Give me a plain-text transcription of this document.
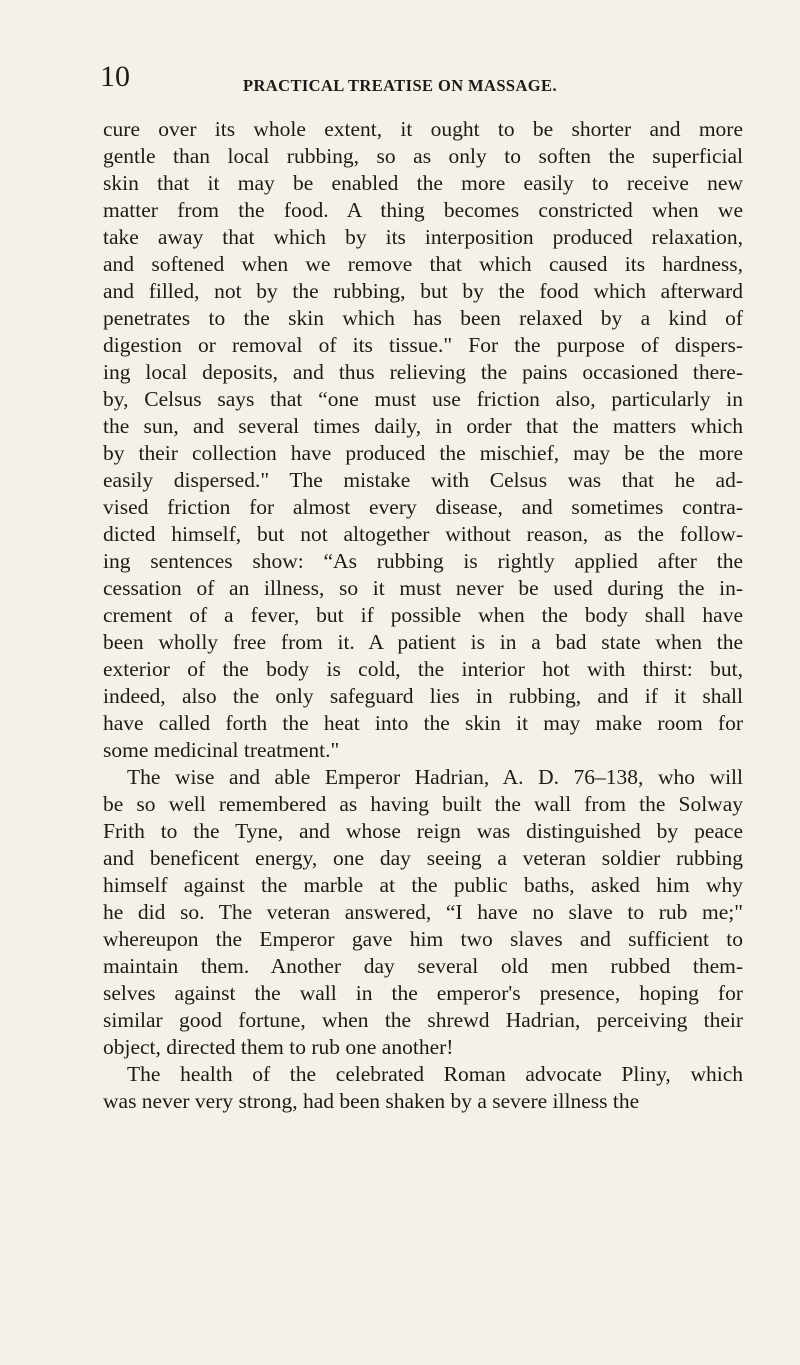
10	PRACTICAL TREATISE ON MASSAGE.
cure over its whole extent, it ought to be shorter and more
gentle than local rubbing, so as only to soften the superficial
skin that it may be enabled the more easily to receive new
matter from the food. A thing becomes constricted when we
take away that which by its interposition produced relaxation,
and softened when we remove that which caused its hardness,
and filled, not by the rubbing, but by the food which afterward
penetrates to the skin which has been relaxed by a kind of
digestion or removal of its tissue." For the purpose of dispers-
ing local deposits, and thus relieving the pains occasioned there-
by, Celsus says that “one must use friction also, particularly in
the sun, and several times daily, in order that the matters which
by their collection have produced the mischief, may be the more
easily dispersed." The mistake with Celsus was that he ad-
vised friction for almost every disease, and sometimes contra-
dicted himself, but not altogether without reason, as the follow-
ing sentences show: “As rubbing is rightly applied after the
cessation of an illness, so it must never be used during the in-
crement of a fever, but if possible when the body shall have
been wholly free from it. A patient is in a bad state when the
exterior of the body is cold, the interior hot with thirst: but,
indeed, also the only safeguard lies in rubbing, and if it shall
have called forth the heat into the skin it may make room for
some medicinal treatment."
The wise and able Emperor Hadrian, A. D. 76–138, who will
be so well remembered as having built the wall from the Solway
Frith to the Tyne, and whose reign was distinguished by peace
and beneficent energy, one day seeing a veteran soldier rubbing
himself against the marble at the public baths, asked him why
he did so. The veteran answered, “I have no slave to rub me;"
whereupon the Emperor gave him two slaves and sufficient to
maintain them. Another day several old men rubbed them-
selves against the wall in the emperor's presence, hoping for
similar good fortune, when the shrewd Hadrian, perceiving their
object, directed them to rub one another!
The health of the celebrated Roman advocate Pliny, which
was never very strong, had been shaken by a severe illness the
